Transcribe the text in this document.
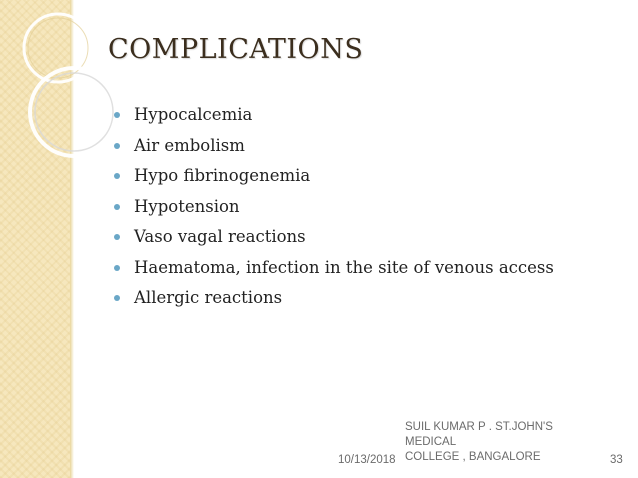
COMPLICATIONS
Hypocalcemia
Air embolism
Hypo fibrinogenemia
Hypotension
Vaso vagal reactions
Haematoma, infection in the site of venous access
Allergic reactions
10/13/2018
SUIL KUMAR P . ST.JOHN'S MEDICAL
COLLEGE , BANGALORE	33
